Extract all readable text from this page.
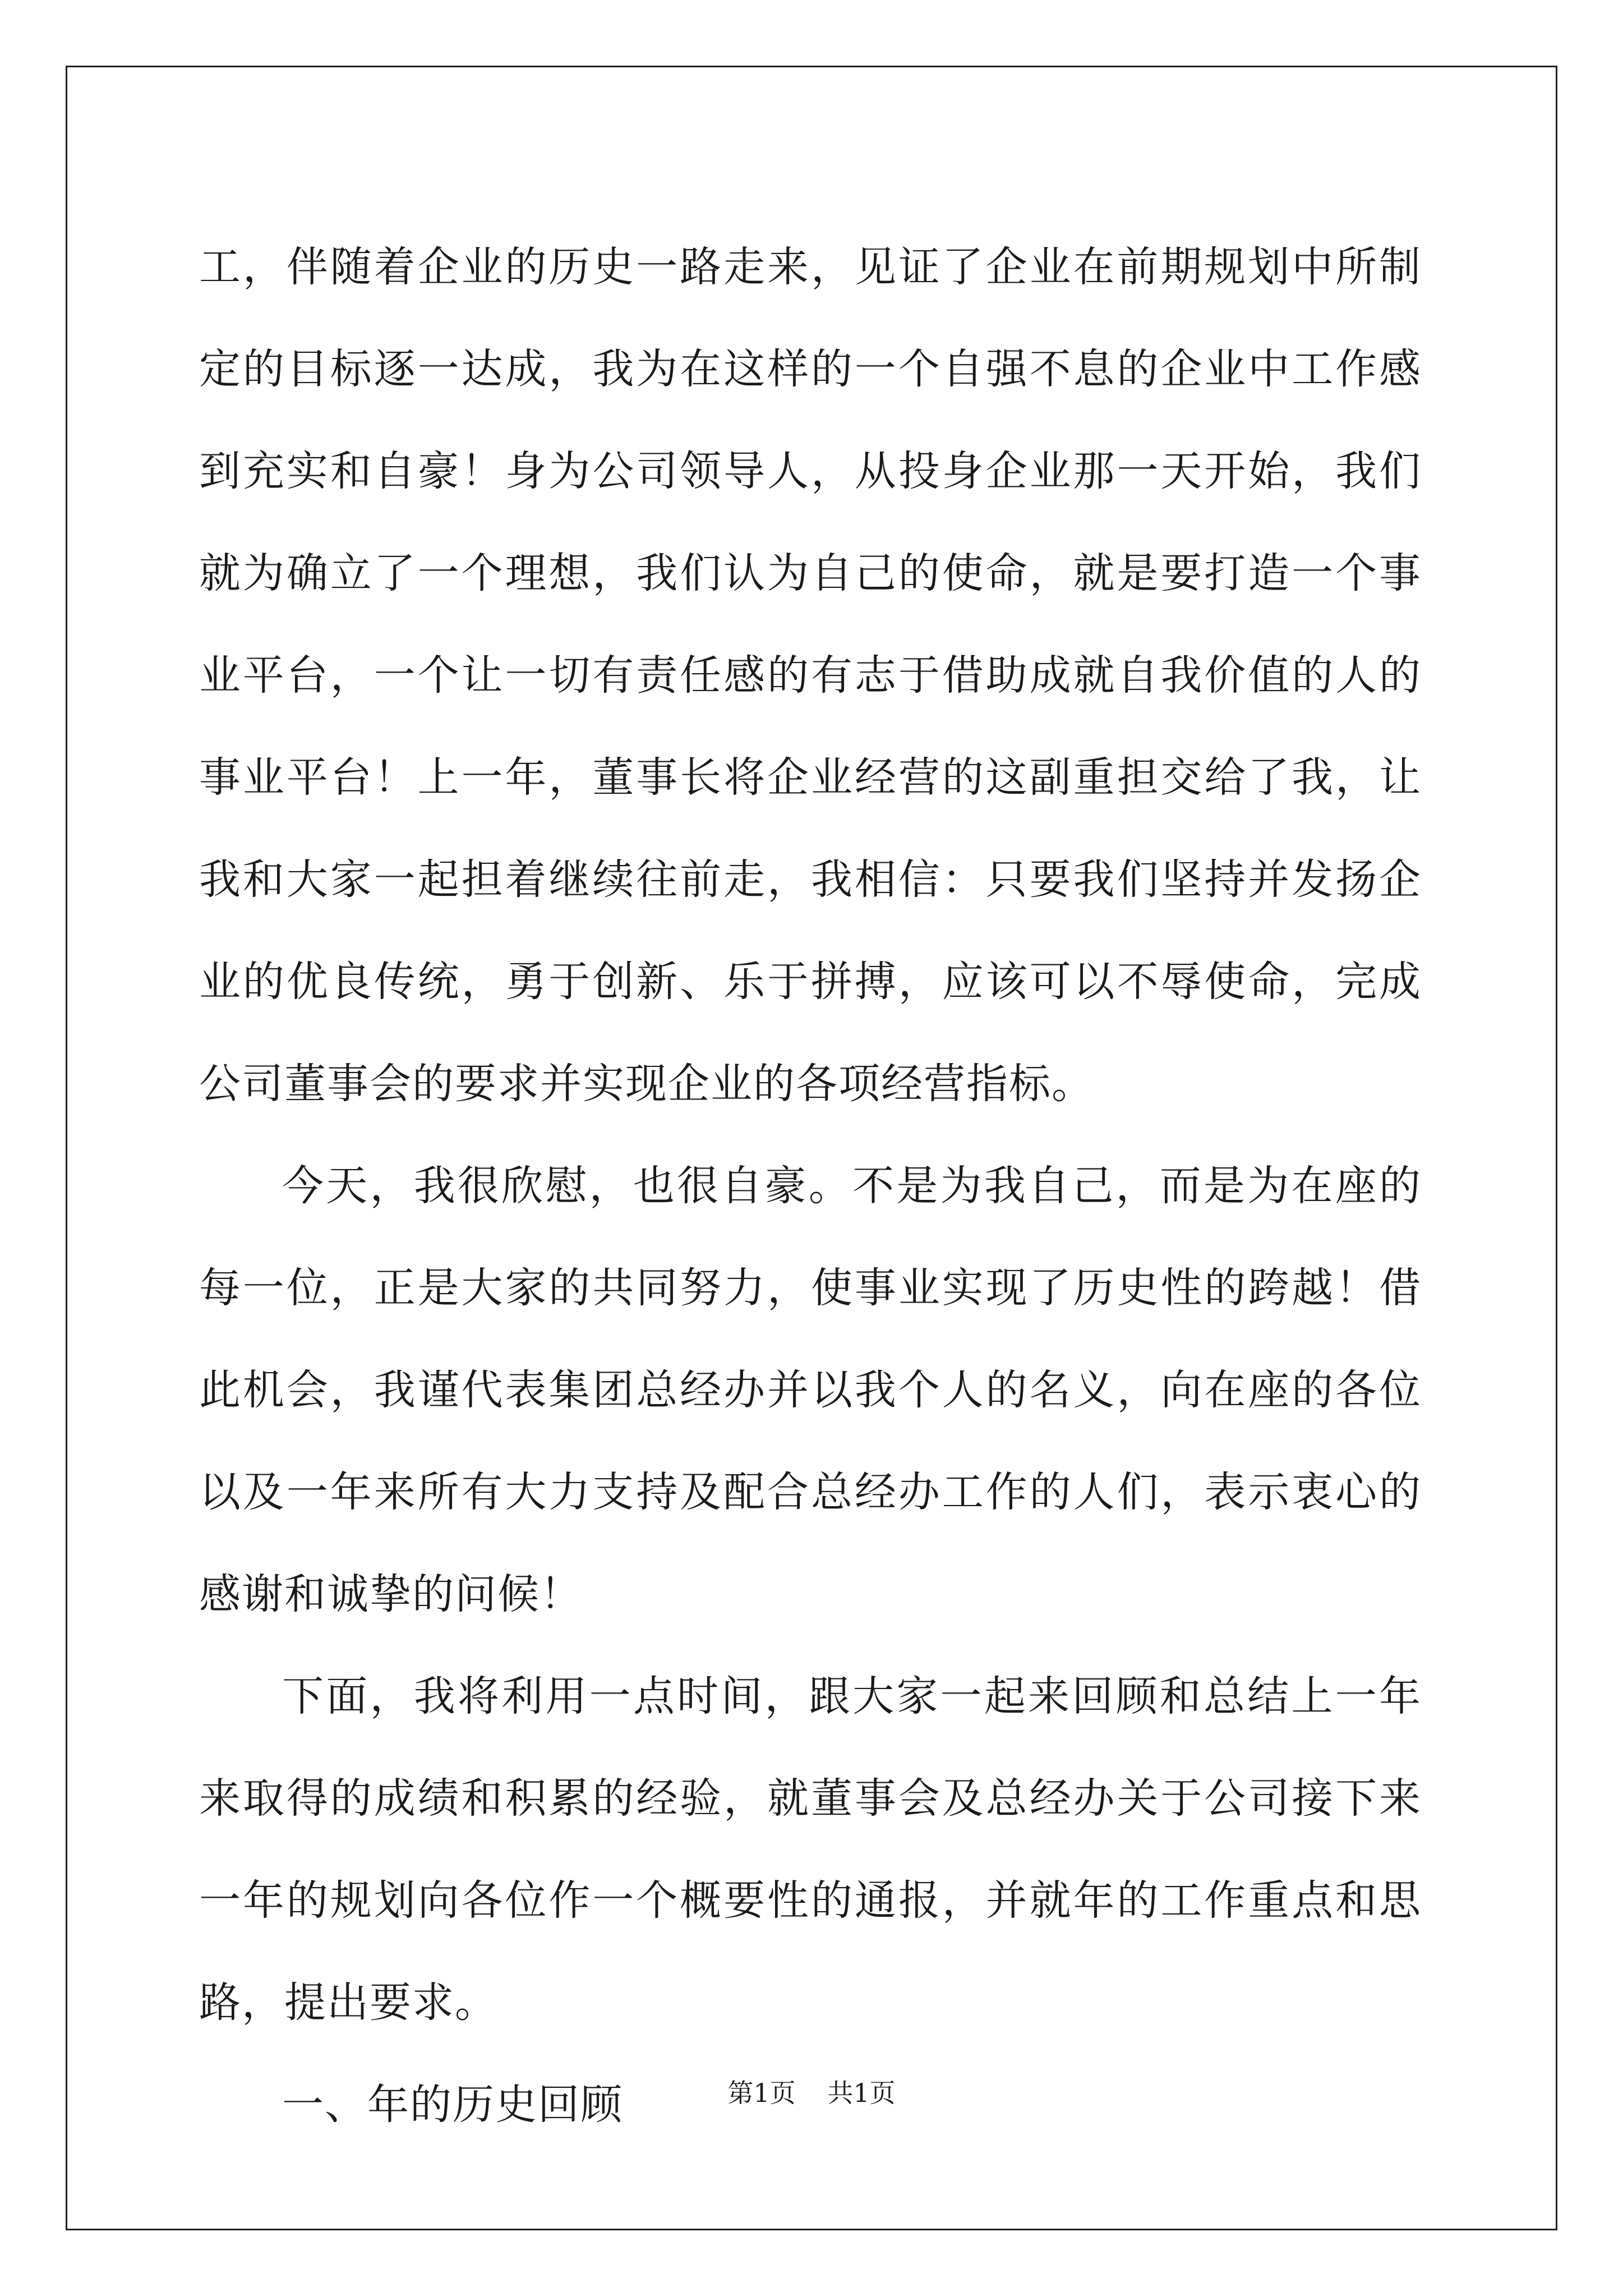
工，伴随着企业的历史一路走来，见证了企业在前期规划中所制定的目标逐一达成，我为在这样的一个自强不息的企业中工作感到充实和自豪！身为公司领导人，从投身企业那一天开始，我们就为确立了一个理想，我们认为自己的使命，就是要打造一个事业平台，一个让一切有责任感的有志于借助成就自我价值的人的事业平台！上一年，董事长将企业经营的这副重担交给了我，让我和大家一起担着继续往前走，我相信：只要我们坚持并发扬企业的优良传统，勇于创新、乐于拼搏，应该可以不辱使命，完成公司董事会的要求并实现企业的各项经营指标。

今天，我很欣慰，也很自豪。不是为我自己，而是为在座的每一位，正是大家的共同努力，使事业实现了历史性的跨越！借此机会，我谨代表集团总经办并以我个人的名义，向在座的各位以及一年来所有大力支持及配合总经办工作的人们，表示衷心的感谢和诚挚的问候！

下面，我将利用一点时间，跟大家一起来回顾和总结上一年来取得的成绩和积累的经验，就董事会及总经办关于公司接下来一年的规划向各位作一个概要性的通报，并就年的工作重点和思路，提出要求。

一、年的历史回顾	第1页 共1页
